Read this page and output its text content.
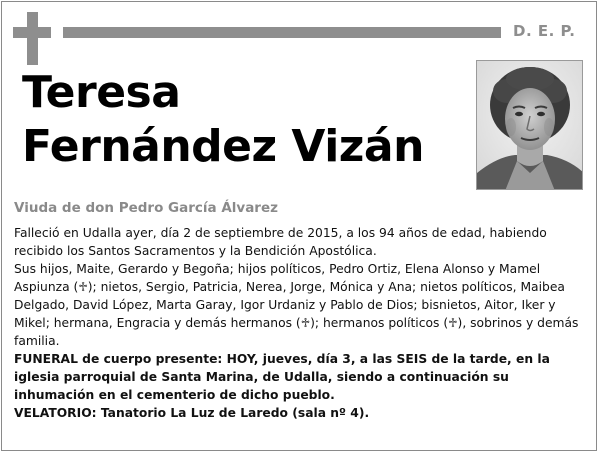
D. E. P.
Teresa
Fernández Vizán
Viuda de don Pedro García Álvarez

Falleció en Udalla ayer, día 2 de septiembre de 2015, a los 94 años de edad, habiendo recibido los Santos Sacramentos y la Bendición Apostólica.

Sus hijos, Maite, Gerardo y Begoña; hijos políticos, Pedro Ortiz, Elena Alonso y Mamel Aspiunza (♱); nietos, Sergio, Patricia, Nerea, Jorge, Mónica y Ana; nietos políticos, Maibea Delgado, David López, Marta Garay, Igor Urdaniz y Pablo de Dios; bisnietos, Aitor, Iker y Mikel; hermana, Engracia y demás hermanos (♱); hermanos políticos (♱), sobrinos y demás familia.

FUNERAL de cuerpo presente: HOY, jueves, día 3, a las SEIS de la tarde, en la iglesia parroquial de Santa Marina, de Udalla, siendo a continuación su inhumación en el cementerio de dicho pueblo.

VELATORIO: Tanatorio La Luz de Laredo (sala nº 4).
